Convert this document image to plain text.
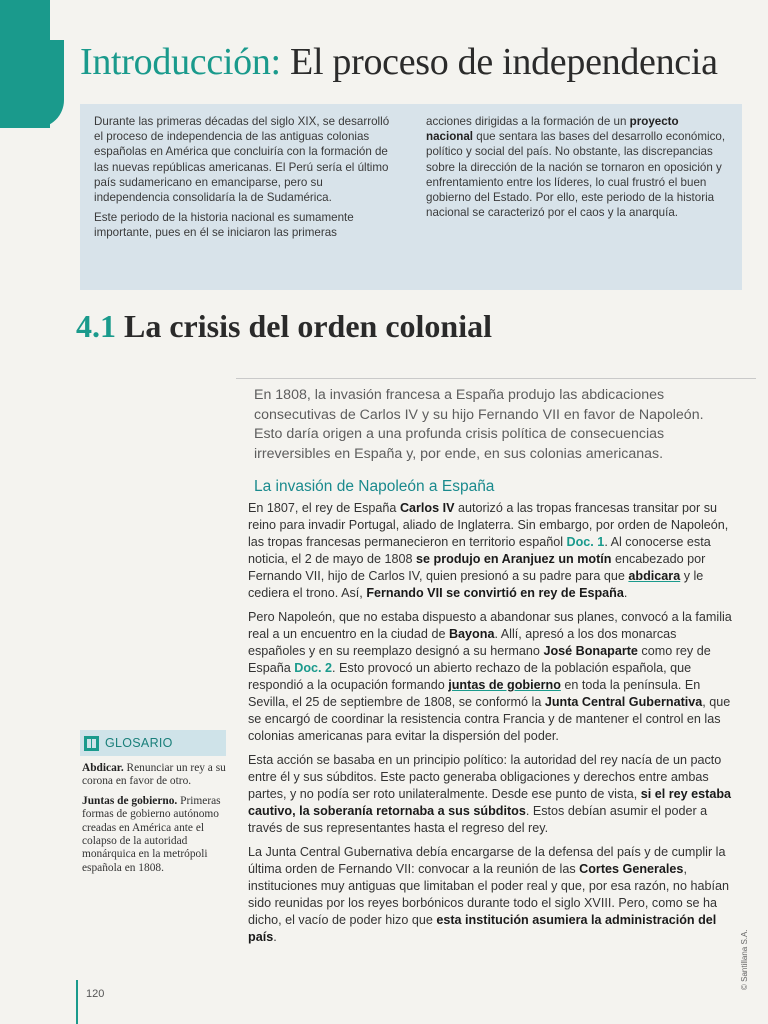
Introducción: El proceso de independencia

Durante las primeras décadas del siglo XIX, se desarrolló el proceso de independencia de las antiguas colonias españolas en América que concluiría con la formación de las nuevas repúblicas americanas. El Perú sería el último país sudamericano en emanciparse, pero su independencia consolidaría la de Sudamérica.

Este periodo de la historia nacional es sumamente importante, pues en él se iniciaron las primeras

acciones dirigidas a la formación de un proyecto nacional que sentara las bases del desarrollo económico, político y social del país. No obstante, las discrepancias sobre la dirección de la nación se tornaron en oposición y enfrentamiento entre los líderes, lo cual frustró el buen gobierno del Estado. Por ello, este periodo de la historia nacional se caracterizó por el caos y la anarquía.

4.1 La crisis del orden colonial

En 1808, la invasión francesa a España produjo las abdicaciones consecutivas de Carlos IV y su hijo Fernando VII en favor de Napoleón. Esto daría origen a una profunda crisis política de consecuencias irreversibles en España y, por ende, en sus colonias americanas.

La invasión de Napoleón a España

En 1807, el rey de España Carlos IV autorizó a las tropas francesas transitar por su reino para invadir Portugal, aliado de Inglaterra. Sin embargo, por orden de Napoleón, las tropas francesas permanecieron en territorio español Doc. 1. Al conocerse esta noticia, el 2 de mayo de 1808 se produjo en Aranjuez un motín encabezado por Fernando VII, hijo de Carlos IV, quien presionó a su padre para que abdicara y le cediera el trono. Así, Fernando VII se convirtió en rey de España.

Pero Napoleón, que no estaba dispuesto a abandonar sus planes, convocó a la familia real a un encuentro en la ciudad de Bayona. Allí, apresó a los dos monarcas españoles y en su reemplazo designó a su hermano José Bonaparte como rey de España Doc. 2. Esto provocó un abierto rechazo de la población española, que respondió a la ocupación formando juntas de gobierno en toda la península. En Sevilla, el 25 de septiembre de 1808, se conformó la Junta Central Gubernativa, que se encargó de coordinar la resistencia contra Francia y de mantener el control en las colonias americanas para evitar la dispersión del poder.

Esta acción se basaba en un principio político: la autoridad del rey nacía de un pacto entre él y sus súbditos. Este pacto generaba obligaciones y derechos entre ambas partes, y no podía ser roto unilateralmente. Desde ese punto de vista, si el rey estaba cautivo, la soberanía retornaba a sus súbditos. Estos debían asumir el poder a través de sus representantes hasta el regreso del rey.

La Junta Central Gubernativa debía encargarse de la defensa del país y de cumplir la última orden de Fernando VII: convocar a la reunión de las Cortes Generales, instituciones muy antiguas que limitaban el poder real y que, por esa razón, no habían sido reunidas por los reyes borbónicos durante todo el siglo XVIII. Pero, como se ha dicho, el vacío de poder hizo que esta institución asumiera la administración del país.

GLOSARIO
Abdicar. Renunciar un rey a su corona en favor de otro.
Juntas de gobierno. Primeras formas de gobierno autónomo creadas en América ante el colapso de la autoridad monárquica en la metrópoli española en 1808.
120
© Santillana S.A.
